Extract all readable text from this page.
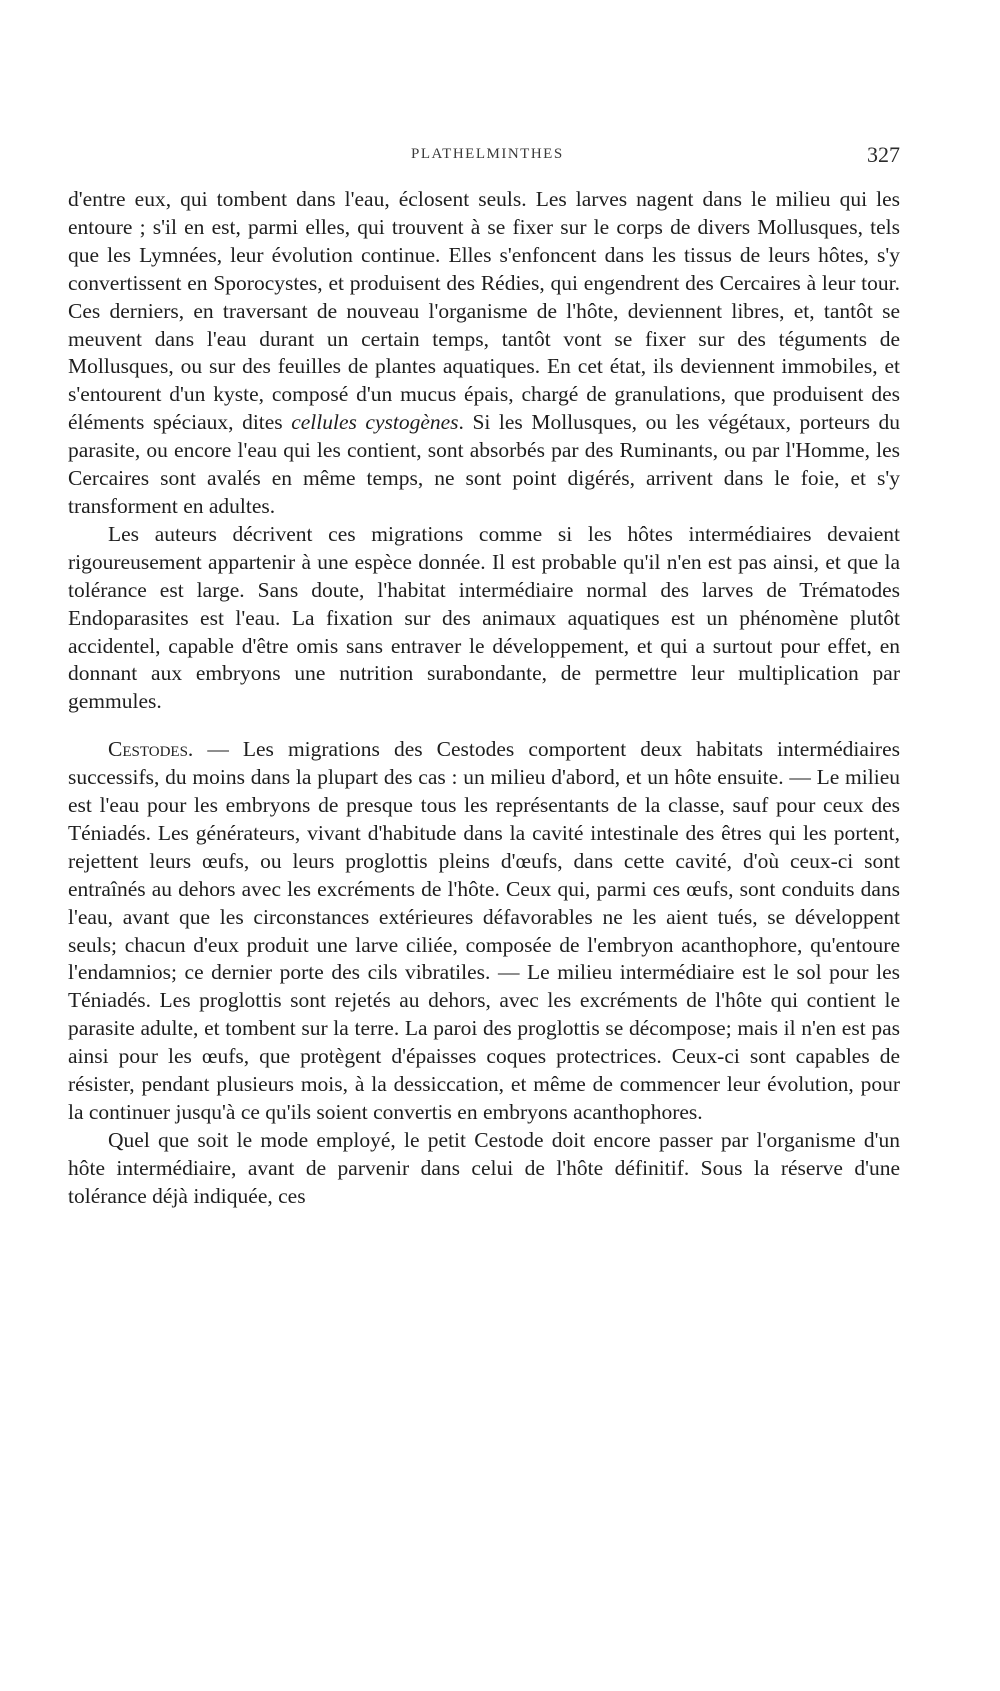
PLATHELMINTHES	327

d'entre eux, qui tombent dans l'eau, éclosent seuls. Les larves nagent dans le milieu qui les entoure ; s'il en est, parmi elles, qui trouvent à se fixer sur le corps de divers Mollusques, tels que les Lymnées, leur évolution continue. Elles s'enfoncent dans les tissus de leurs hôtes, s'y convertissent en Sporocystes, et produisent des Rédies, qui engendrent des Cercaires à leur tour. Ces derniers, en traversant de nouveau l'organisme de l'hôte, deviennent libres, et, tantôt se meuvent dans l'eau durant un certain temps, tantôt vont se fixer sur des téguments de Mollusques, ou sur des feuilles de plantes aquatiques. En cet état, ils deviennent immobiles, et s'entourent d'un kyste, composé d'un mucus épais, chargé de granulations, que produisent des éléments spéciaux, dites cellules cystogènes. Si les Mollusques, ou les végétaux, porteurs du parasite, ou encore l'eau qui les contient, sont absorbés par des Ruminants, ou par l'Homme, les Cercaires sont avalés en même temps, ne sont point digérés, arrivent dans le foie, et s'y transforment en adultes.

Les auteurs décrivent ces migrations comme si les hôtes intermédiaires devaient rigoureusement appartenir à une espèce donnée. Il est probable qu'il n'en est pas ainsi, et que la tolérance est large. Sans doute, l'habitat intermédiaire normal des larves de Trématodes Endoparasites est l'eau. La fixation sur des animaux aquatiques est un phénomène plutôt accidentel, capable d'être omis sans entraver le développement, et qui a surtout pour effet, en donnant aux embryons une nutrition surabondante, de permettre leur multiplication par gemmules.

Cestodes. — Les migrations des Cestodes comportent deux habitats intermédiaires successifs, du moins dans la plupart des cas : un milieu d'abord, et un hôte ensuite. — Le milieu est l'eau pour les embryons de presque tous les représentants de la classe, sauf pour ceux des Téniadés. Les générateurs, vivant d'habitude dans la cavité intestinale des êtres qui les portent, rejettent leurs œufs, ou leurs proglottis pleins d'œufs, dans cette cavité, d'où ceux-ci sont entraînés au dehors avec les excréments de l'hôte. Ceux qui, parmi ces œufs, sont conduits dans l'eau, avant que les circonstances extérieures défavorables ne les aient tués, se développent seuls; chacun d'eux produit une larve ciliée, composée de l'embryon acanthophore, qu'entoure l'endamnios; ce dernier porte des cils vibratiles. — Le milieu intermédiaire est le sol pour les Téniadés. Les proglottis sont rejetés au dehors, avec les excréments de l'hôte qui contient le parasite adulte, et tombent sur la terre. La paroi des proglottis se décompose; mais il n'en est pas ainsi pour les œufs, que protègent d'épaisses coques protectrices. Ceux-ci sont capables de résister, pendant plusieurs mois, à la dessiccation, et même de commencer leur évolution, pour la continuer jusqu'à ce qu'ils soient convertis en embryons acanthophores.

Quel que soit le mode employé, le petit Cestode doit encore passer par l'organisme d'un hôte intermédiaire, avant de parvenir dans celui de l'hôte définitif. Sous la réserve d'une tolérance déjà indiquée, ces
